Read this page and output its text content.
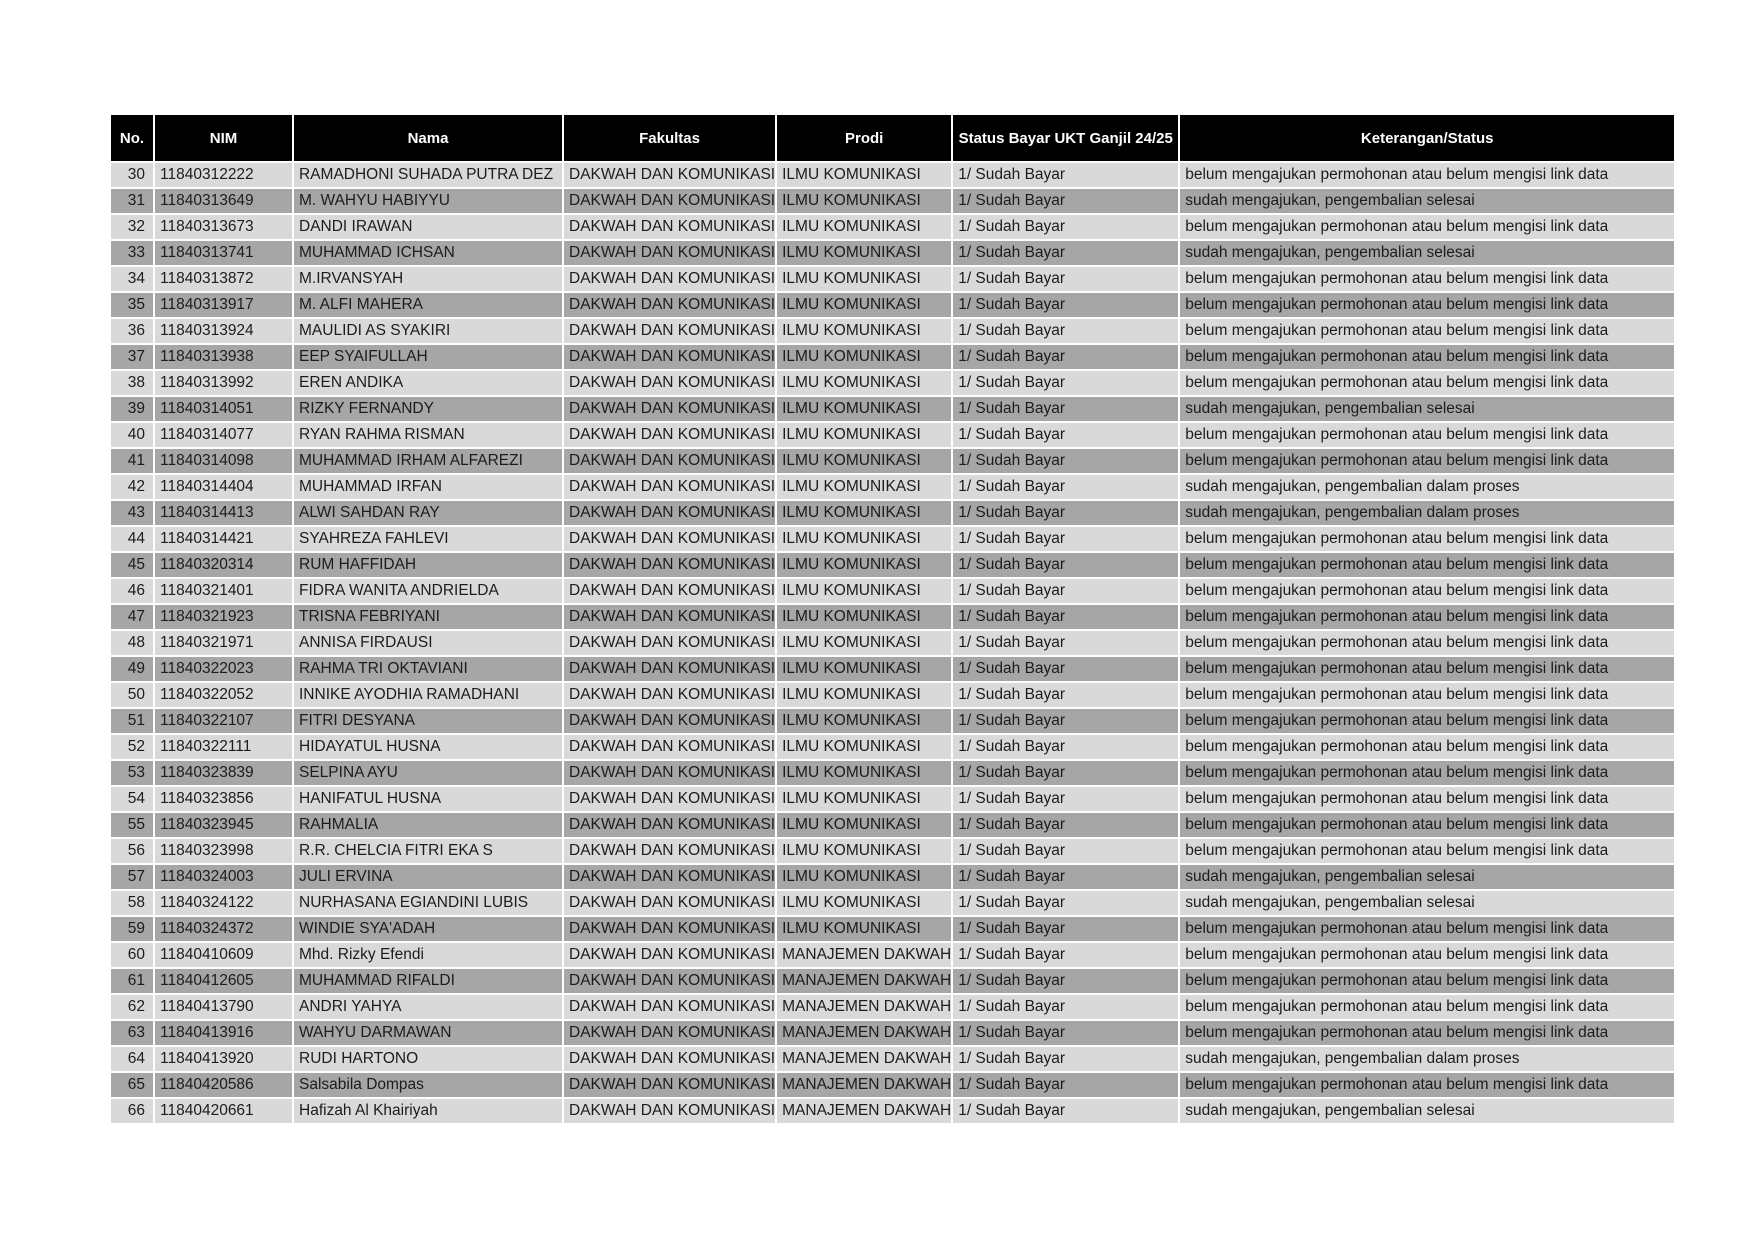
No.	NIM	Nama	Fakultas	Prodi	Status Bayar UKT Ganjil 24/25	Keterangan/Status
30	11840312222	RAMADHONI SUHADA PUTRA DEZ	DAKWAH DAN KOMUNIKASI	ILMU KOMUNIKASI	1/ Sudah Bayar	belum mengajukan permohonan atau belum mengisi link data
31	11840313649	M. WAHYU HABIYYU	DAKWAH DAN KOMUNIKASI	ILMU KOMUNIKASI	1/ Sudah Bayar	sudah mengajukan, pengembalian selesai
32	11840313673	DANDI IRAWAN	DAKWAH DAN KOMUNIKASI	ILMU KOMUNIKASI	1/ Sudah Bayar	belum mengajukan permohonan atau belum mengisi link data
33	11840313741	MUHAMMAD ICHSAN	DAKWAH DAN KOMUNIKASI	ILMU KOMUNIKASI	1/ Sudah Bayar	sudah mengajukan, pengembalian selesai
34	11840313872	M.IRVANSYAH	DAKWAH DAN KOMUNIKASI	ILMU KOMUNIKASI	1/ Sudah Bayar	belum mengajukan permohonan atau belum mengisi link data
35	11840313917	M. ALFI MAHERA	DAKWAH DAN KOMUNIKASI	ILMU KOMUNIKASI	1/ Sudah Bayar	belum mengajukan permohonan atau belum mengisi link data
36	11840313924	MAULIDI AS SYAKIRI	DAKWAH DAN KOMUNIKASI	ILMU KOMUNIKASI	1/ Sudah Bayar	belum mengajukan permohonan atau belum mengisi link data
37	11840313938	EEP SYAIFULLAH	DAKWAH DAN KOMUNIKASI	ILMU KOMUNIKASI	1/ Sudah Bayar	belum mengajukan permohonan atau belum mengisi link data
38	11840313992	EREN ANDIKA	DAKWAH DAN KOMUNIKASI	ILMU KOMUNIKASI	1/ Sudah Bayar	belum mengajukan permohonan atau belum mengisi link data
39	11840314051	RIZKY FERNANDY	DAKWAH DAN KOMUNIKASI	ILMU KOMUNIKASI	1/ Sudah Bayar	sudah mengajukan, pengembalian selesai
40	11840314077	RYAN RAHMA RISMAN	DAKWAH DAN KOMUNIKASI	ILMU KOMUNIKASI	1/ Sudah Bayar	belum mengajukan permohonan atau belum mengisi link data
41	11840314098	MUHAMMAD IRHAM ALFAREZI	DAKWAH DAN KOMUNIKASI	ILMU KOMUNIKASI	1/ Sudah Bayar	belum mengajukan permohonan atau belum mengisi link data
42	11840314404	MUHAMMAD IRFAN	DAKWAH DAN KOMUNIKASI	ILMU KOMUNIKASI	1/ Sudah Bayar	sudah mengajukan, pengembalian dalam proses
43	11840314413	ALWI SAHDAN RAY	DAKWAH DAN KOMUNIKASI	ILMU KOMUNIKASI	1/ Sudah Bayar	sudah mengajukan, pengembalian dalam proses
44	11840314421	SYAHREZA FAHLEVI	DAKWAH DAN KOMUNIKASI	ILMU KOMUNIKASI	1/ Sudah Bayar	belum mengajukan permohonan atau belum mengisi link data
45	11840320314	RUM HAFFIDAH	DAKWAH DAN KOMUNIKASI	ILMU KOMUNIKASI	1/ Sudah Bayar	belum mengajukan permohonan atau belum mengisi link data
46	11840321401	FIDRA WANITA ANDRIELDA	DAKWAH DAN KOMUNIKASI	ILMU KOMUNIKASI	1/ Sudah Bayar	belum mengajukan permohonan atau belum mengisi link data
47	11840321923	TRISNA FEBRIYANI	DAKWAH DAN KOMUNIKASI	ILMU KOMUNIKASI	1/ Sudah Bayar	belum mengajukan permohonan atau belum mengisi link data
48	11840321971	ANNISA FIRDAUSI	DAKWAH DAN KOMUNIKASI	ILMU KOMUNIKASI	1/ Sudah Bayar	belum mengajukan permohonan atau belum mengisi link data
49	11840322023	RAHMA TRI OKTAVIANI	DAKWAH DAN KOMUNIKASI	ILMU KOMUNIKASI	1/ Sudah Bayar	belum mengajukan permohonan atau belum mengisi link data
50	11840322052	INNIKE AYODHIA RAMADHANI	DAKWAH DAN KOMUNIKASI	ILMU KOMUNIKASI	1/ Sudah Bayar	belum mengajukan permohonan atau belum mengisi link data
51	11840322107	FITRI DESYANA	DAKWAH DAN KOMUNIKASI	ILMU KOMUNIKASI	1/ Sudah Bayar	belum mengajukan permohonan atau belum mengisi link data
52	11840322111	HIDAYATUL HUSNA	DAKWAH DAN KOMUNIKASI	ILMU KOMUNIKASI	1/ Sudah Bayar	belum mengajukan permohonan atau belum mengisi link data
53	11840323839	SELPINA AYU	DAKWAH DAN KOMUNIKASI	ILMU KOMUNIKASI	1/ Sudah Bayar	belum mengajukan permohonan atau belum mengisi link data
54	11840323856	HANIFATUL HUSNA	DAKWAH DAN KOMUNIKASI	ILMU KOMUNIKASI	1/ Sudah Bayar	belum mengajukan permohonan atau belum mengisi link data
55	11840323945	RAHMALIA	DAKWAH DAN KOMUNIKASI	ILMU KOMUNIKASI	1/ Sudah Bayar	belum mengajukan permohonan atau belum mengisi link data
56	11840323998	R.R. CHELCIA FITRI EKA S	DAKWAH DAN KOMUNIKASI	ILMU KOMUNIKASI	1/ Sudah Bayar	belum mengajukan permohonan atau belum mengisi link data
57	11840324003	JULI ERVINA	DAKWAH DAN KOMUNIKASI	ILMU KOMUNIKASI	1/ Sudah Bayar	sudah mengajukan, pengembalian selesai
58	11840324122	NURHASANA EGIANDINI LUBIS	DAKWAH DAN KOMUNIKASI	ILMU KOMUNIKASI	1/ Sudah Bayar	sudah mengajukan, pengembalian selesai
59	11840324372	WINDIE SYA'ADAH	DAKWAH DAN KOMUNIKASI	ILMU KOMUNIKASI	1/ Sudah Bayar	belum mengajukan permohonan atau belum mengisi link data
60	11840410609	Mhd. Rizky Efendi	DAKWAH DAN KOMUNIKASI	MANAJEMEN DAKWAH	1/ Sudah Bayar	belum mengajukan permohonan atau belum mengisi link data
61	11840412605	MUHAMMAD RIFALDI	DAKWAH DAN KOMUNIKASI	MANAJEMEN DAKWAH	1/ Sudah Bayar	belum mengajukan permohonan atau belum mengisi link data
62	11840413790	ANDRI YAHYA	DAKWAH DAN KOMUNIKASI	MANAJEMEN DAKWAH	1/ Sudah Bayar	belum mengajukan permohonan atau belum mengisi link data
63	11840413916	WAHYU DARMAWAN	DAKWAH DAN KOMUNIKASI	MANAJEMEN DAKWAH	1/ Sudah Bayar	belum mengajukan permohonan atau belum mengisi link data
64	11840413920	RUDI HARTONO	DAKWAH DAN KOMUNIKASI	MANAJEMEN DAKWAH	1/ Sudah Bayar	sudah mengajukan, pengembalian dalam proses
65	11840420586	Salsabila Dompas	DAKWAH DAN KOMUNIKASI	MANAJEMEN DAKWAH	1/ Sudah Bayar	belum mengajukan permohonan atau belum mengisi link data
66	11840420661	Hafizah Al Khairiyah	DAKWAH DAN KOMUNIKASI	MANAJEMEN DAKWAH	1/ Sudah Bayar	sudah mengajukan, pengembalian selesai
